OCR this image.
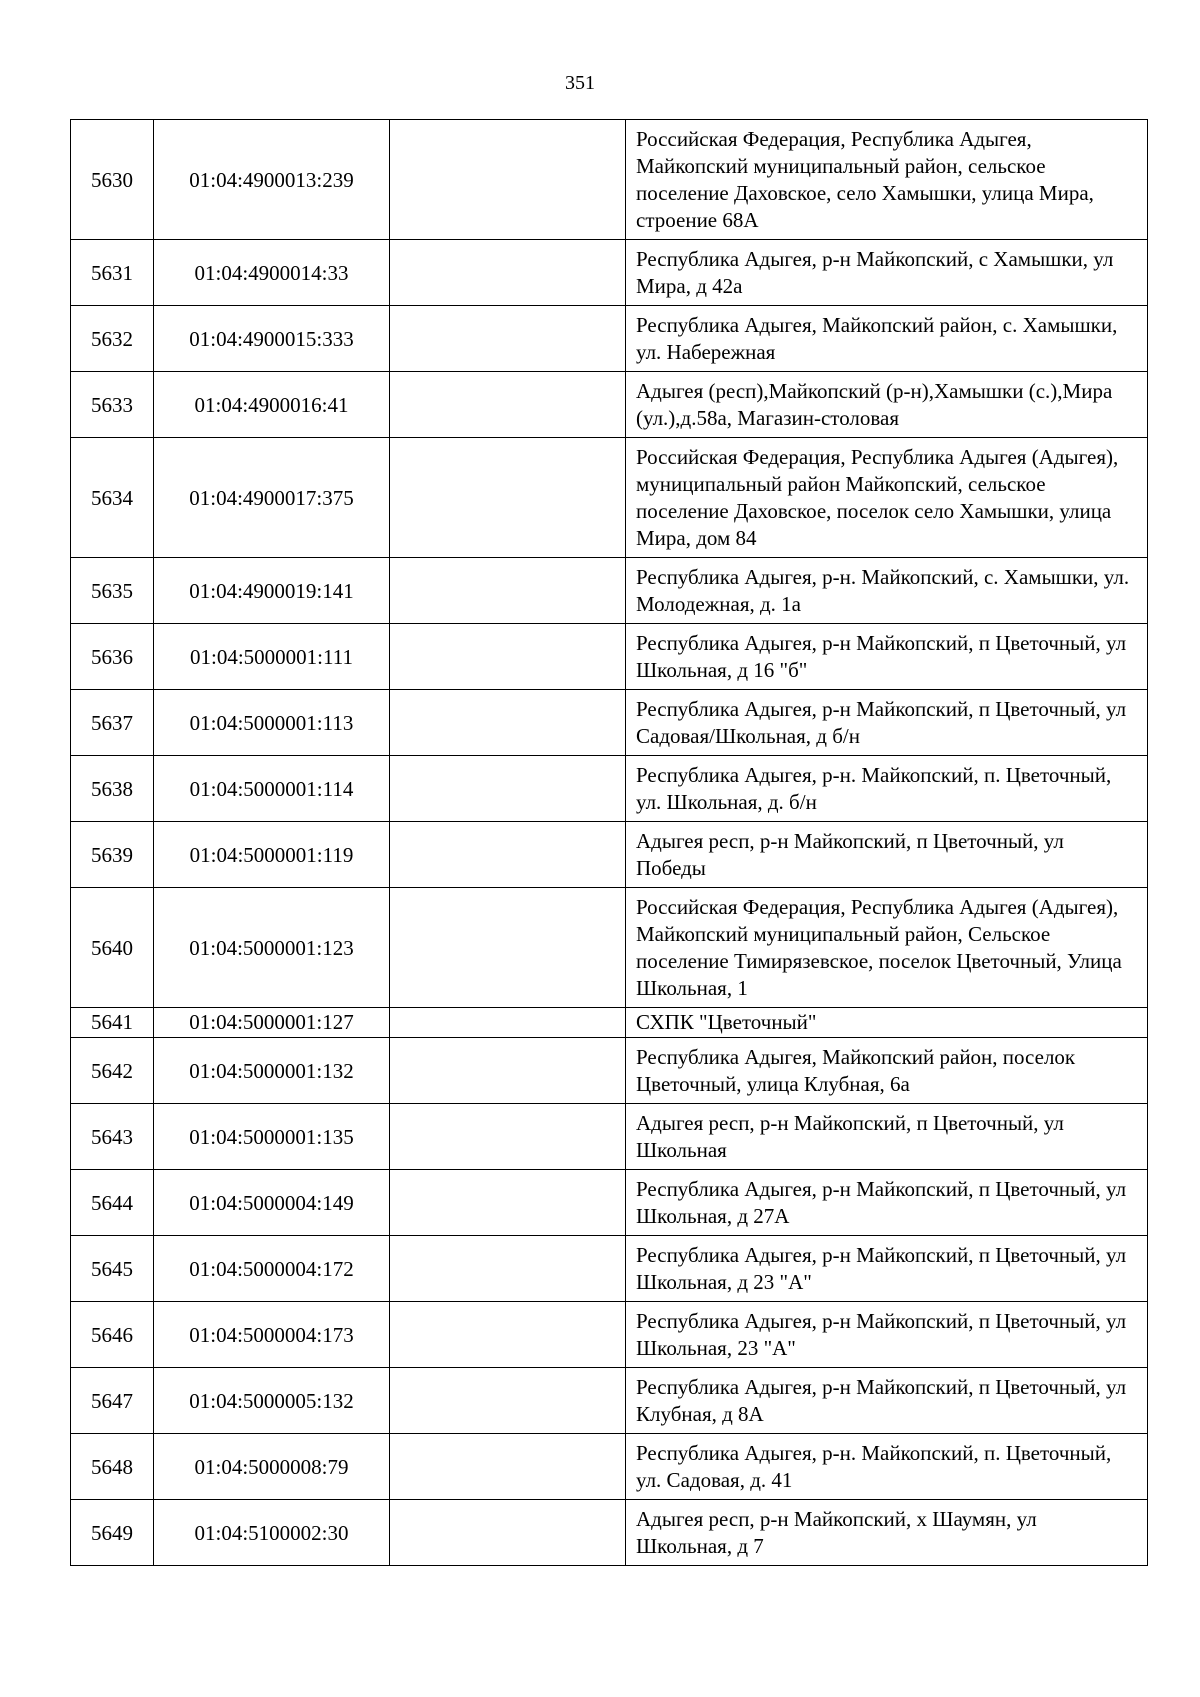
351
5630	01:04:4900013:239		Российская Федерация, Республика Адыгея, Майкопский муниципальный район, сельское поселение Даховское, село Хамышки, улица Мира, строение 68А
5631	01:04:4900014:33		Республика Адыгея, р-н Майкопский, с Хамышки, ул Мира, д 42а
5632	01:04:4900015:333		Республика Адыгея, Майкопский район, с. Хамышки, ул. Набережная
5633	01:04:4900016:41		Адыгея (респ),Майкопский (р-н),Хамышки (с.),Мира (ул.),д.58а, Магазин-столовая
5634	01:04:4900017:375		Российская Федерация, Республика Адыгея (Адыгея), муниципальный район Майкопский, сельское поселение Даховское, поселок село Хамышки, улица Мира, дом 84
5635	01:04:4900019:141		Республика Адыгея, р-н. Майкопский, с. Хамышки, ул. Молодежная, д. 1а
5636	01:04:5000001:111		Республика Адыгея, р-н Майкопский, п Цветочный, ул Школьная, д 16 "б"
5637	01:04:5000001:113		Республика Адыгея, р-н Майкопский, п Цветочный, ул Садовая/Школьная, д б/н
5638	01:04:5000001:114		Республика Адыгея, р-н. Майкопский, п. Цветочный, ул. Школьная, д. б/н
5639	01:04:5000001:119		Адыгея респ, р-н Майкопский, п Цветочный, ул Победы
5640	01:04:5000001:123		Российская Федерация, Республика Адыгея (Адыгея), Майкопский муниципальный район, Сельское поселение Тимирязевское, поселок Цветочный, Улица Школьная, 1
5641	01:04:5000001:127		СХПК "Цветочный"
5642	01:04:5000001:132		Республика Адыгея, Майкопский район, поселок Цветочный, улица Клубная, 6а
5643	01:04:5000001:135		Адыгея респ, р-н Майкопский, п Цветочный, ул Школьная
5644	01:04:5000004:149		Республика Адыгея, р-н Майкопский, п Цветочный, ул Школьная, д 27А
5645	01:04:5000004:172		Республика Адыгея, р-н Майкопский, п Цветочный, ул Школьная, д 23 "А"
5646	01:04:5000004:173		Республика Адыгея, р-н Майкопский, п Цветочный, ул Школьная, 23 "А"
5647	01:04:5000005:132		Республика Адыгея, р-н Майкопский, п Цветочный, ул Клубная, д 8А
5648	01:04:5000008:79		Республика Адыгея, р-н. Майкопский, п. Цветочный, ул. Садовая, д. 41
5649	01:04:5100002:30		Адыгея респ, р-н Майкопский, х Шаумян, ул Школьная, д 7
